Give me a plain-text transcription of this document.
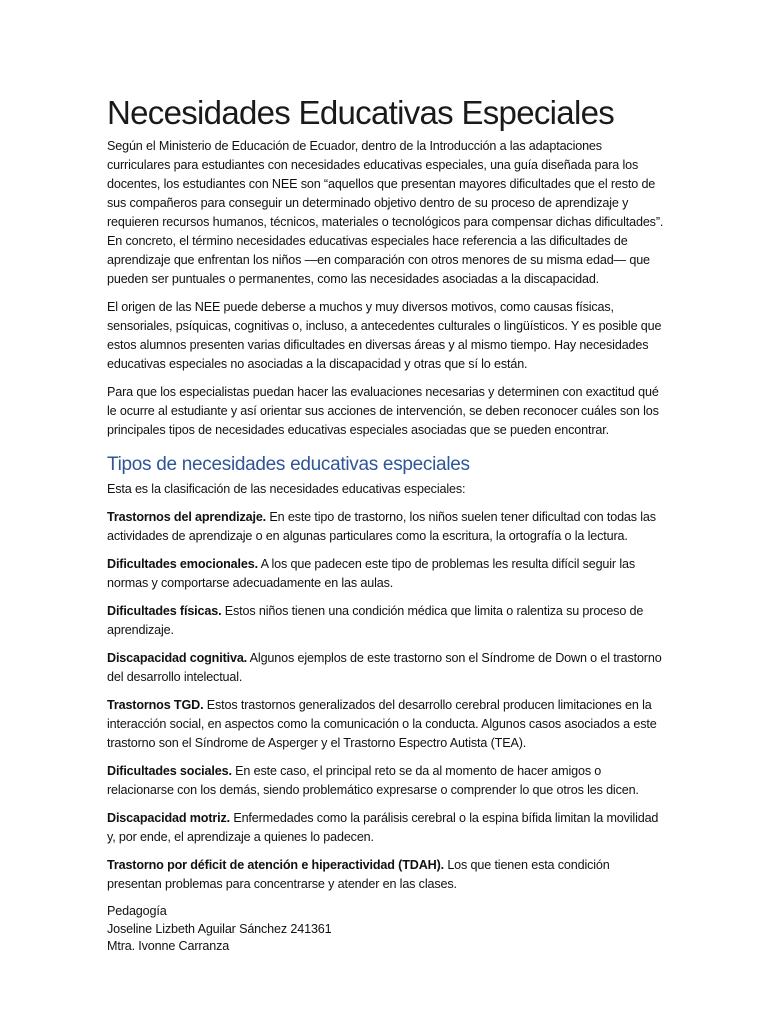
Necesidades Educativas Especiales

Según el Ministerio de Educación de Ecuador, dentro de la Introducción a las adaptaciones curriculares para estudiantes con necesidades educativas especiales, una guía diseñada para los docentes, los estudiantes con NEE son “aquellos que presentan mayores dificultades que el resto de sus compañeros para conseguir un determinado objetivo dentro de su proceso de aprendizaje y requieren recursos humanos, técnicos, materiales o tecnológicos para compensar dichas dificultades”. En concreto, el término necesidades educativas especiales hace referencia a las dificultades de aprendizaje que enfrentan los niños —en comparación con otros menores de su misma edad— que pueden ser puntuales o permanentes, como las necesidades asociadas a la discapacidad.

El origen de las NEE puede deberse a muchos y muy diversos motivos, como causas físicas, sensoriales, psíquicas, cognitivas o, incluso, a antecedentes culturales o lingüísticos. Y es posible que estos alumnos presenten varias dificultades en diversas áreas y al mismo tiempo. Hay necesidades educativas especiales no asociadas a la discapacidad y otras que sí lo están.

Para que los especialistas puedan hacer las evaluaciones necesarias y determinen con exactitud qué le ocurre al estudiante y así orientar sus acciones de intervención, se deben reconocer cuáles son los principales tipos de necesidades educativas especiales asociadas que se pueden encontrar.

Tipos de necesidades educativas especiales

Esta es la clasificación de las necesidades educativas especiales:

Trastornos del aprendizaje. En este tipo de trastorno, los niños suelen tener dificultad con todas las actividades de aprendizaje o en algunas particulares como la escritura, la ortografía o la lectura.

Dificultades emocionales. A los que padecen este tipo de problemas les resulta difícil seguir las normas y comportarse adecuadamente en las aulas.

Dificultades físicas. Estos niños tienen una condición médica que limita o ralentiza su proceso de aprendizaje.

Discapacidad cognitiva. Algunos ejemplos de este trastorno son el Síndrome de Down o el trastorno del desarrollo intelectual.

Trastornos TGD. Estos trastornos generalizados del desarrollo cerebral producen limitaciones en la interacción social, en aspectos como la comunicación o la conducta. Algunos casos asociados a este trastorno son el Síndrome de Asperger y el Trastorno Espectro Autista (TEA).

Dificultades sociales. En este caso, el principal reto se da al momento de hacer amigos o relacionarse con los demás, siendo problemático expresarse o comprender lo que otros les dicen.

Discapacidad motriz. Enfermedades como la parálisis cerebral o la espina bífida limitan la movilidad y, por ende, el aprendizaje a quienes lo padecen.

Trastorno por déficit de atención e hiperactividad (TDAH). Los que tienen esta condición presentan problemas para concentrarse y atender en las clases.

Pedagogía
Joseline Lizbeth Aguilar Sánchez 241361
Mtra. Ivonne Carranza
